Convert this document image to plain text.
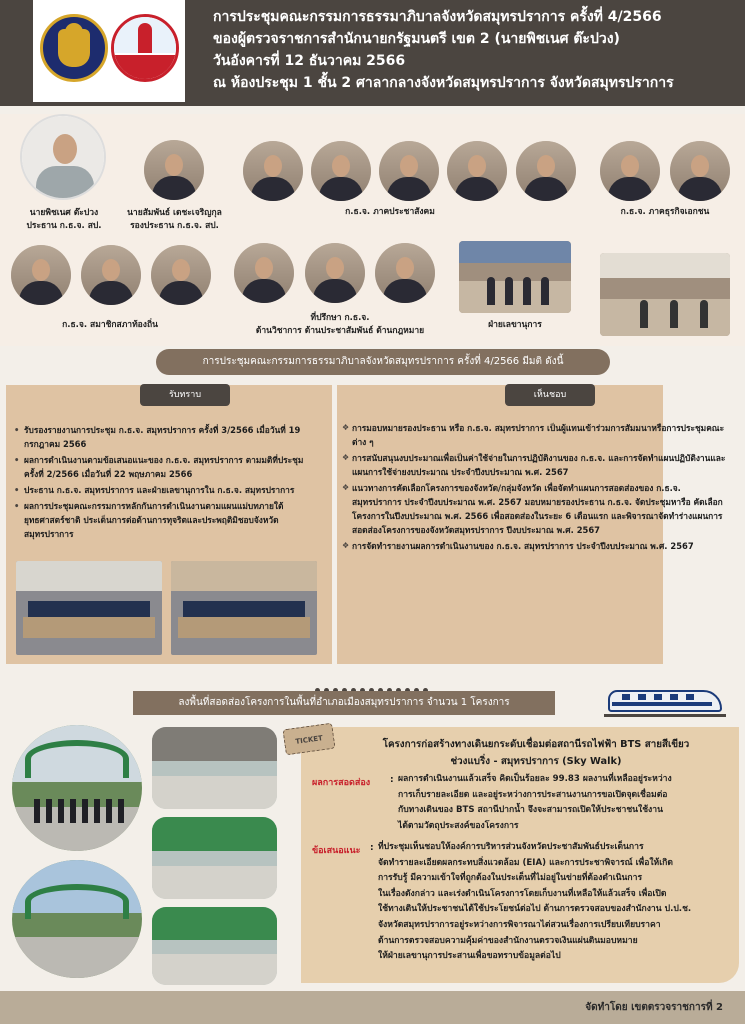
การประชุมคณะกรรมการธรรมาภิบาลจังหวัดสมุทรปราการ ครั้งที่ 4/2566
ของผู้ตรวจราชการสำนักนายกรัฐมนตรี เขต 2 (นายพิชเนศ ต๊ะปวง)
วันอังคารที่ 12 ธันวาคม 2566
ณ ห้องประชุม 1 ชั้น 2 ศาลากลางจังหวัดสมุทรปราการ จังหวัดสมุทรปราการ
นายพิชเนศ ต๊ะปวง
ประธาน ก.ธ.จ. สป.
นายสัมพันธ์ เดชะเจริญกุล
รองประธาน ก.ธ.จ. สป.
ก.ธ.จ. ภาคประชาสังคม	ก.ธ.จ. ภาคธุรกิจเอกชน
ก.ธ.จ. สมาชิกสภาท้องถิ่น
ที่ปรึกษา ก.ธ.จ.
ด้านวิชาการ ด้านประชาสัมพันธ์ ด้านกฎหมาย
ฝ่ายเลขานุการ
การประชุมคณะกรรมการธรรมาภิบาลจังหวัดสมุทรปราการ ครั้งที่ 4/2566 มีมติ ดังนี้
รับทราบ
• รับรองรายงานการประชุม ก.ธ.จ. สมุทรปราการ ครั้งที่ 3/2566 เมื่อวันที่ 19 กรกฎาคม 2566
• ผลการดำเนินงานตามข้อเสนอแนะของ ก.ธ.จ. สมุทรปราการ ตามมติที่ประชุม ครั้งที่ 2/2566 เมื่อวันที่ 22 พฤษภาคม 2566
• ประธาน ก.ธ.จ. สมุทรปราการ และฝ่ายเลขานุการใน ก.ธ.จ. สมุทรปราการ
• ผลการประชุมคณะกรรมการหลักกันการดำเนินงานตามแผนแม่บทภายใต้ยุทธศาสตร์ชาติ ประเด็นการต่อต้านการทุจริตและประพฤติมิชอบจังหวัดสมุทรปราการ
เห็นชอบ
❖ การมอบหมายรองประธาน หรือ ก.ธ.จ. สมุทรปราการ เป็นผู้แทนเข้าร่วมการสัมมนาหรือการประชุมคณะต่าง ๆ
❖ การสนับสนุนงบประมาณเพื่อเป็นค่าใช้จ่ายในการปฏิบัติงานของ ก.ธ.จ. และการจัดทำแผนปฏิบัติงานและแผนการใช้จ่ายงบประมาณ ประจำปีงบประมาณ พ.ศ. 2567
❖ แนวทางการคัดเลือกโครงการของจังหวัด/กลุ่มจังหวัด เพื่อจัดทำแผนการสอดส่องของ ก.ธ.จ. สมุทรปราการ ประจำปีงบประมาณ พ.ศ. 2567 มอบหมายรองประธาน ก.ธ.จ. จัดประชุมหารือ คัดเลือกโครงการในปีงบประมาณ พ.ศ. 2566 เพื่อสอดส่องในระยะ 6 เดือนแรก และพิจารณาจัดทำร่างแผนการสอดส่องโครงการของจังหวัดสมุทรปราการ ปีงบประมาณ พ.ศ. 2567
❖ การจัดทำรายงานผลการดำเนินงานของ ก.ธ.จ. สมุทรปราการ ประจำปีงบประมาณ พ.ศ. 2567
ลงพื้นที่สอดส่องโครงการในพื้นที่อำเภอเมืองสมุทรปราการ จำนวน 1 โครงการ
TICKET	โครงการก่อสร้างทางเดินยกระดับเชื่อมต่อสถานีรถไฟฟ้า BTS สายสีเขียว
ช่วงแบริ่ง - สมุทรปราการ (Sky Walk)
ผลการสอดส่อง : ผลการดำเนินงานแล้วเสร็จ คิดเป็นร้อยละ 99.83 ผลงานที่เหลืออยู่ระหว่าง
การเก็บรายละเอียด และอยู่ระหว่างการประสานงานการขอเปิดจุดเชื่อมต่อ
กับทางเดินของ BTS สถานีปากน้ำ จึงจะสามารถเปิดให้ประชาชนใช้งาน
ได้ตามวัตถุประสงค์ของโครงการ
ข้อเสนอแนะ : ที่ประชุมเห็นชอบให้องค์การบริหารส่วนจังหวัดประชาสัมพันธ์ประเด็นการ
จัดทำรายละเอียดผลกระทบสิ่งแวดล้อม (EIA) และการประชาพิจารณ์ เพื่อให้เกิด
การรับรู้ มีความเข้าใจที่ถูกต้องในประเด็นที่ไม่อยู่ในข่ายที่ต้องดำเนินการ
ในเรื่องดังกล่าว และเร่งดำเนินโครงการโดยเก็บงานที่เหลือให้แล้วเสร็จ เพื่อเปิด
ใช้ทางเดินให้ประชาชนได้ใช้ประโยชน์ต่อไป ด้านการตรวจสอบของสำนักงาน ป.ป.ช.
จังหวัดสมุทรปราการอยู่ระหว่างการพิจารณาไต่สวนเรื่องการเปรียบเทียบราคา
ด้านการตรวจสอบความคุ้มค่าของสำนักงานตรวจเงินแผ่นดินมอบหมาย
ให้ฝ่ายเลขานุการประสานเพื่อขอทราบข้อมูลต่อไป
จัดทำโดย เขตตรวจราชการที่ 2
